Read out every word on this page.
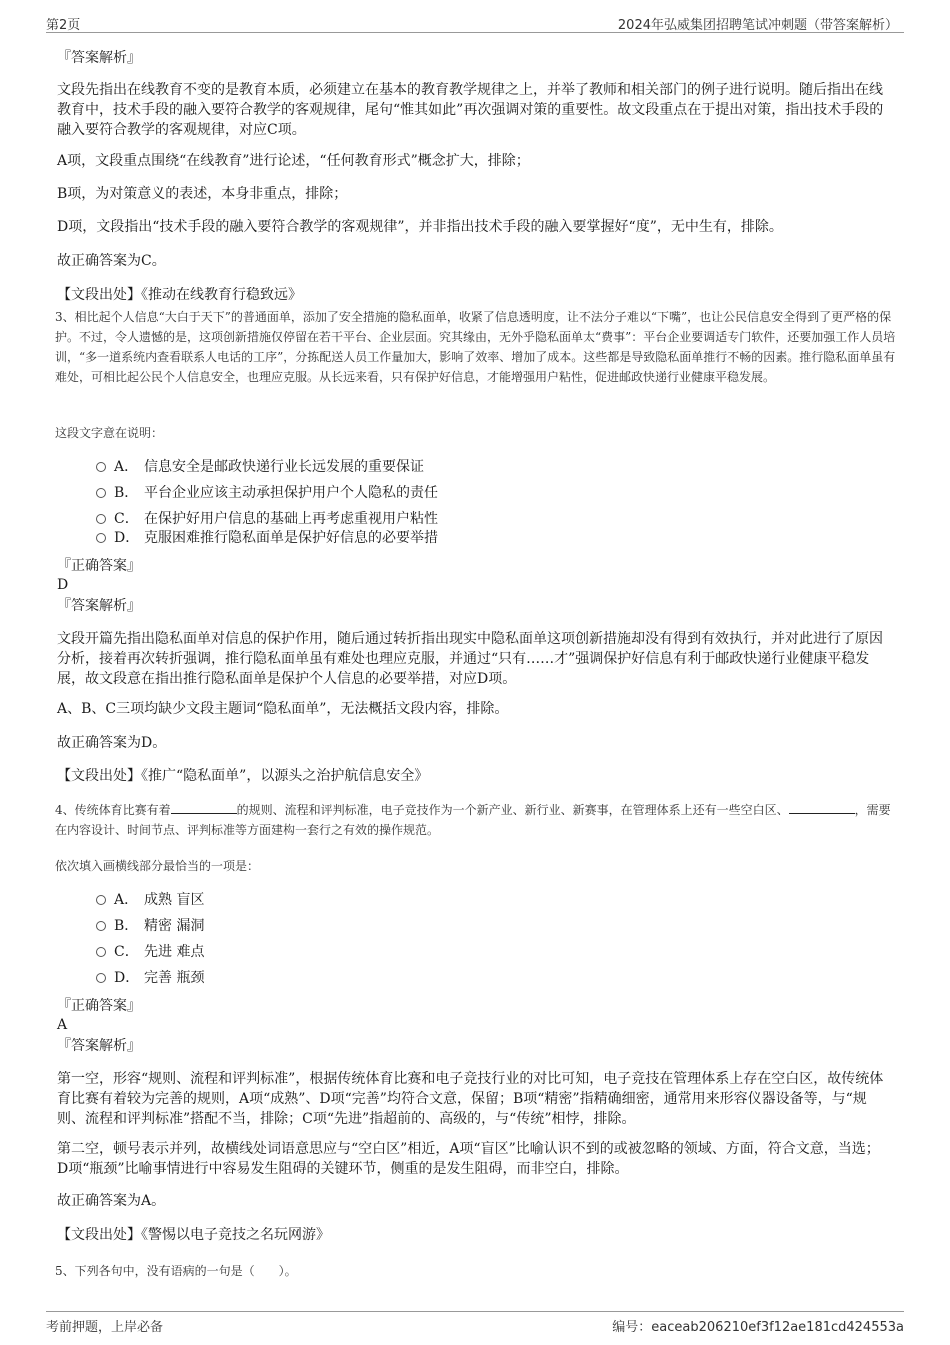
第2页	2024年弘威集团招聘笔试冲刺题（带答案解析）

『答案解析』

文段先指出在线教育不变的是教育本质，必须建立在基本的教育教学规律之上，并举了教师和相关部门的例子进行说明。随后指出在线教育中，技术手段的融入要符合教学的客观规律，尾句“惟其如此”再次强调对策的重要性。故文段重点在于提出对策，指出技术手段的融入要符合教学的客观规律，对应C项。

A项，文段重点围绕“在线教育”进行论述，“任何教育形式”概念扩大，排除；

B项，为对策意义的表述，本身非重点，排除；

D项，文段指出“技术手段的融入要符合教学的客观规律”，并非指出技术手段的融入要掌握好“度”，无中生有，排除。

故正确答案为C。

【文段出处】《推动在线教育行稳致远》

3、相比起个人信息“大白于天下”的普通面单，添加了安全措施的隐私面单，收紧了信息透明度，让不法分子难以“下嘴”，也让公民信息安全得到了更严格的保护。不过，令人遗憾的是，这项创新措施仅停留在若干平台、企业层面。究其缘由，无外乎隐私面单太“费事”：平台企业要调适专门软件，还要加强工作人员培训，“多一道系统内查看联系人电话的工序”，分拣配送人员工作量加大，影响了效率、增加了成本。这些都是导致隐私面单推行不畅的因素。推行隐私面单虽有难处，可相比起公民个人信息安全，也理应克服。从长远来看，只有保护好信息，才能增强用户粘性，促进邮政快递行业健康平稳发展。

这段文字意在说明：

A． 信息安全是邮政快递行业长远发展的重要保证
B． 平台企业应该主动承担保护用户个人隐私的责任
C． 在保护好用户信息的基础上再考虑重视用户粘性
D． 克服困难推行隐私面单是保护好信息的必要举措

『正确答案』

D

『答案解析』

文段开篇先指出隐私面单对信息的保护作用，随后通过转折指出现实中隐私面单这项创新措施却没有得到有效执行，并对此进行了原因分析，接着再次转折强调，推行隐私面单虽有难处也理应克服，并通过“只有……才”强调保护好信息有利于邮政快递行业健康平稳发展，故文段意在指出推行隐私面单是保护个人信息的必要举措，对应D项。

A、B、C三项均缺少文段主题词“隐私面单”，无法概括文段内容，排除。

故正确答案为D。

【文段出处】《推广“隐私面单”，以源头之治护航信息安全》

4、传统体育比赛有着	的规则、流程和评判标准，电子竞技作为一个新产业、新行业、新赛事，在管理体系上还有一些空白区、	，需要在内容设计、时间节点、评判标准等方面建构一套行之有效的操作规范。

依次填入画横线部分最恰当的一项是：

A． 成熟 盲区
B． 精密 漏洞
C． 先进 难点
D． 完善 瓶颈

『正确答案』

A

『答案解析』

第一空，形容“规则、流程和评判标准”，根据传统体育比赛和电子竞技行业的对比可知，电子竞技在管理体系上存在空白区，故传统体育比赛有着较为完善的规则，A项“成熟”、D项“完善”均符合文意，保留；B项“精密”指精确细密，通常用来形容仪器设备等，与“规则、流程和评判标准”搭配不当，排除；C项“先进”指超前的、高级的，与“传统”相悖，排除。

第二空，顿号表示并列，故横线处词语意思应与“空白区”相近，A项“盲区”比喻认识不到的或被忽略的领域、方面，符合文意，当选；D项“瓶颈”比喻事情进行中容易发生阻碍的关键环节，侧重的是发生阻碍，而非空白，排除。

故正确答案为A。

【文段出处】《警惕以电子竞技之名玩网游》

5、下列各句中，没有语病的一句是（　　）。

考前押题，上岸必备	编号：eaceab206210ef3f12ae181cd424553a
